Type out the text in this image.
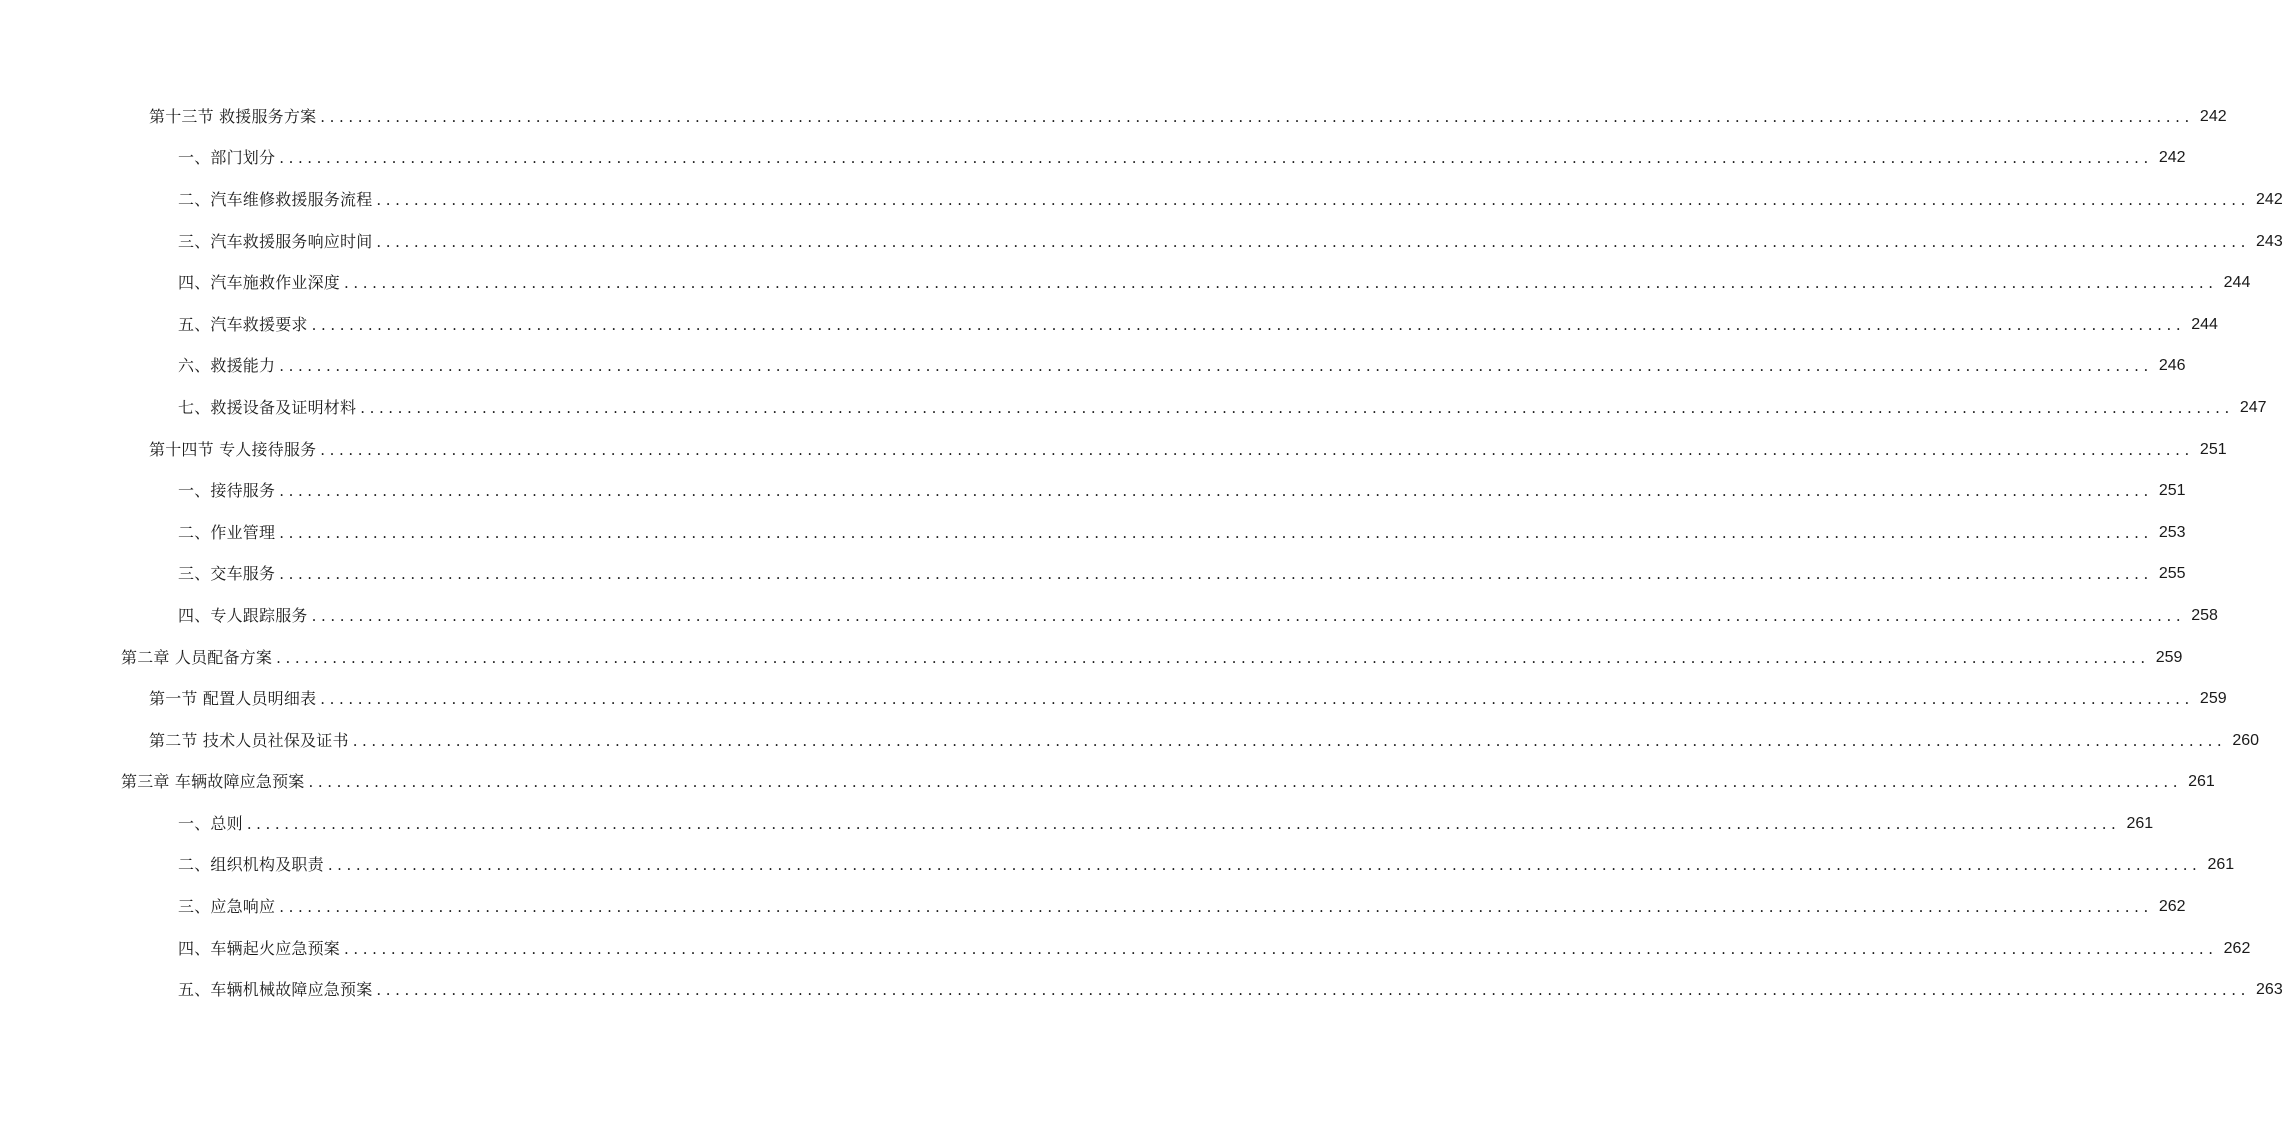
第十三节 救援服务方案 ........................................................................................................................................................................................................ 242
一、部门划分 ........................................................................................................................................................................................................ 242
二、汽车维修救援服务流程 ........................................................................................................................................................................................................ 242
三、汽车救援服务响应时间 ........................................................................................................................................................................................................ 243
四、汽车施救作业深度 ........................................................................................................................................................................................................ 244
五、汽车救援要求 ........................................................................................................................................................................................................ 244
六、救援能力 ........................................................................................................................................................................................................ 246
七、救援设备及证明材料 ........................................................................................................................................................................................................ 247
第十四节 专人接待服务 ........................................................................................................................................................................................................ 251
一、接待服务 ........................................................................................................................................................................................................ 251
二、作业管理 ........................................................................................................................................................................................................ 253
三、交车服务 ........................................................................................................................................................................................................ 255
四、专人跟踪服务 ........................................................................................................................................................................................................ 258
第二章 人员配备方案 ........................................................................................................................................................................................................ 259
第一节 配置人员明细表 ........................................................................................................................................................................................................ 259
第二节 技术人员社保及证书 ........................................................................................................................................................................................................ 260
第三章 车辆故障应急预案 ........................................................................................................................................................................................................ 261
一、总则 ........................................................................................................................................................................................................ 261
二、组织机构及职责 ........................................................................................................................................................................................................ 261
三、应急响应 ........................................................................................................................................................................................................ 262
四、车辆起火应急预案 ........................................................................................................................................................................................................ 262
五、车辆机械故障应急预案 ........................................................................................................................................................................................................ 263
